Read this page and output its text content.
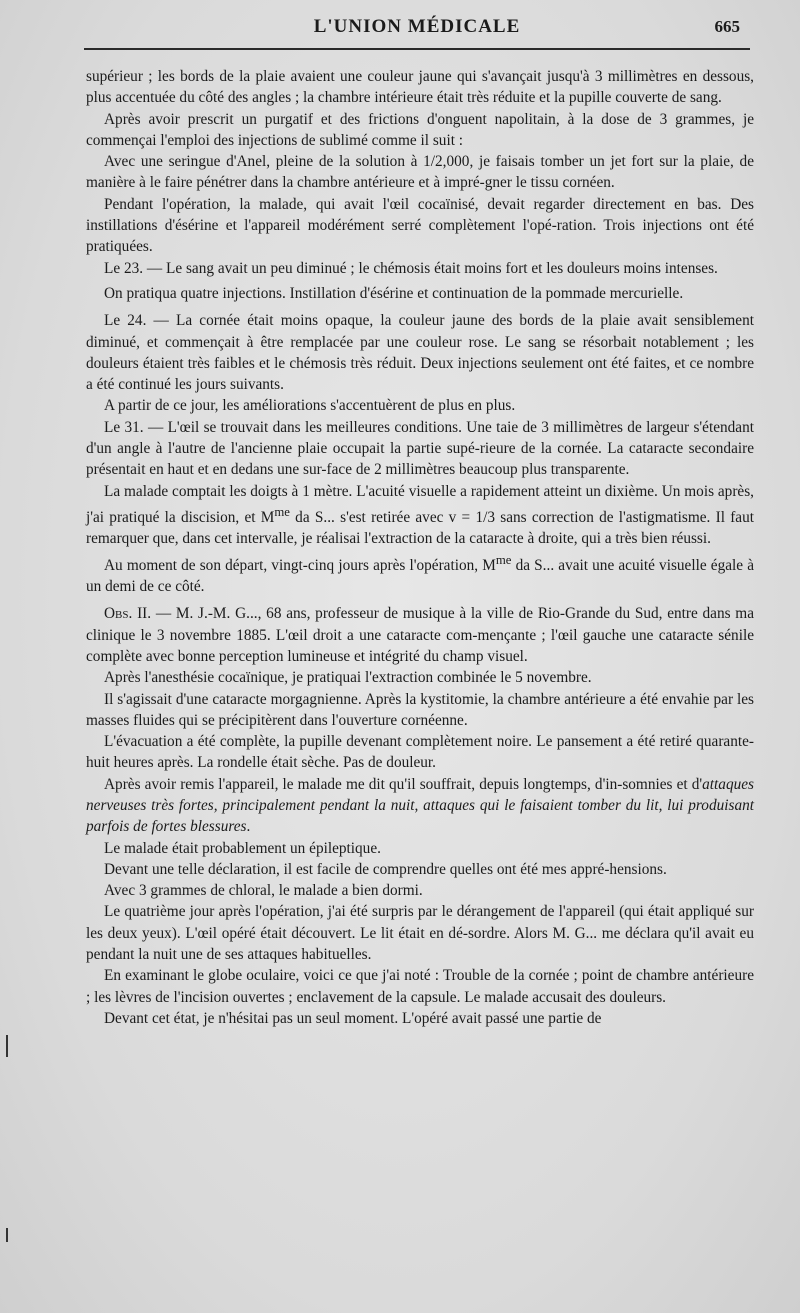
L'UNION MÉDICALE	665

supérieur ; les bords de la plaie avaient une couleur jaune qui s'avançait jusqu'à 3 millimètres en dessous, plus accentuée du côté des angles ; la chambre intérieure était très réduite et la pupille couverte de sang.

Après avoir prescrit un purgatif et des frictions d'onguent napolitain, à la dose de 3 grammes, je commençai l'emploi des injections de sublimé comme il suit :

Avec une seringue d'Anel, pleine de la solution à 1/2,000, je faisais tomber un jet fort sur la plaie, de manière à le faire pénétrer dans la chambre antérieure et à impré-gner le tissu cornéen.

Pendant l'opération, la malade, qui avait l'œil cocaïnisé, devait regarder directement en bas. Des instillations d'ésérine et l'appareil modérément serré complètement l'opé-ration. Trois injections ont été pratiquées.

Le 23. — Le sang avait un peu diminué ; le chémosis était moins fort et les douleurs moins intenses.

On pratiqua quatre injections. Instillation d'ésérine et continuation de la pommade mercurielle.

Le 24. — La cornée était moins opaque, la couleur jaune des bords de la plaie avait sensiblement diminué, et commençait à être remplacée par une couleur rose. Le sang se résorbait notablement ; les douleurs étaient très faibles et le chémosis très réduit. Deux injections seulement ont été faites, et ce nombre a été continué les jours suivants.

A partir de ce jour, les améliorations s'accentuèrent de plus en plus.

Le 31. — L'œil se trouvait dans les meilleures conditions. Une taie de 3 millimètres de largeur s'étendant d'un angle à l'autre de l'ancienne plaie occupait la partie supé-rieure de la cornée. La cataracte secondaire présentait en haut et en dedans une sur-face de 2 millimètres beaucoup plus transparente.

La malade comptait les doigts à 1 mètre. L'acuité visuelle a rapidement atteint un dixième. Un mois après, j'ai pratiqué la discision, et $M^{me}$ da S... s'est retirée avec v = 1/3 sans correction de l'astigmatisme. Il faut remarquer que, dans cet intervalle, je réalisai l'extraction de la cataracte à droite, qui a très bien réussi.

Au moment de son départ, vingt-cinq jours après l'opération, $M^{me}$ da S... avait une acuité visuelle égale à un demi de ce côté.

Obs. II. — M. J.-M. G..., 68 ans, professeur de musique à la ville de Rio-Grande du Sud, entre dans ma clinique le 3 novembre 1885. L'œil droit a une cataracte com-mençante ; l'œil gauche une cataracte sénile complète avec bonne perception lumineuse et intégrité du champ visuel.

Après l'anesthésie cocaïnique, je pratiquai l'extraction combinée le 5 novembre.

Il s'agissait d'une cataracte morgagnienne. Après la kystitomie, la chambre antérieure a été envahie par les masses fluides qui se précipitèrent dans l'ouverture cornéenne.

L'évacuation a été complète, la pupille devenant complètement noire. Le pansement a été retiré quarante-huit heures après. La rondelle était sèche. Pas de douleur.

Après avoir remis l'appareil, le malade me dit qu'il souffrait, depuis longtemps, d'in-somnies et d'attaques nerveuses très fortes, principalement pendant la nuit, attaques qui le faisaient tomber du lit, lui produisant parfois de fortes blessures.

Le malade était probablement un épileptique.

Devant une telle déclaration, il est facile de comprendre quelles ont été mes appré-hensions.

Avec 3 grammes de chloral, le malade a bien dormi.

Le quatrième jour après l'opération, j'ai été surpris par le dérangement de l'appareil (qui était appliqué sur les deux yeux). L'œil opéré était découvert. Le lit était en dé-sordre. Alors M. G... me déclara qu'il avait eu pendant la nuit une de ses attaques habituelles.

En examinant le globe oculaire, voici ce que j'ai noté : Trouble de la cornée ; point de chambre antérieure ; les lèvres de l'incision ouvertes ; enclavement de la capsule. Le malade accusait des douleurs.

Devant cet état, je n'hésitai pas un seul moment. L'opéré avait passé une partie de
